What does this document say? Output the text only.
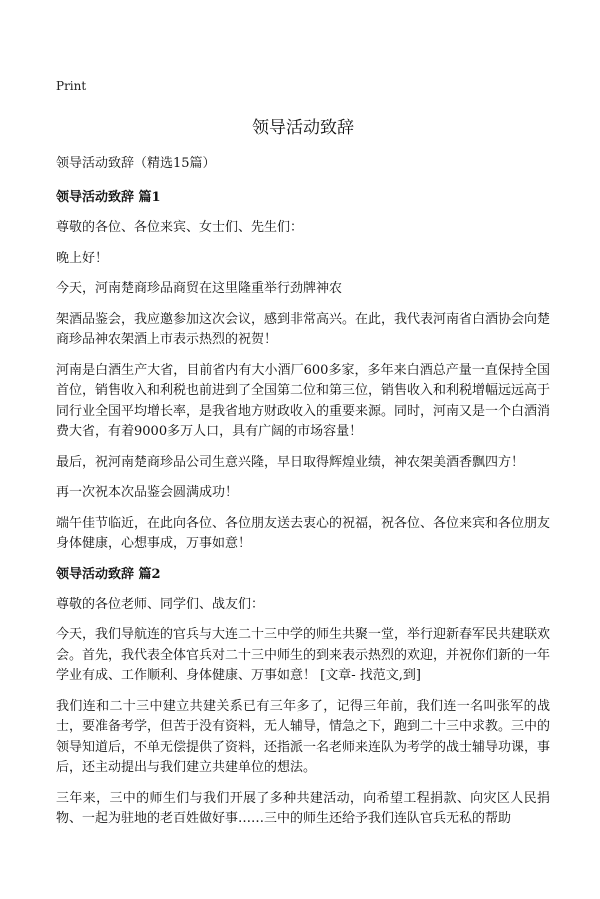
Print
领导活动致辞

领导活动致辞（精选15篇）

领导活动致辞 篇1

尊敬的各位、各位来宾、女士们、先生们：

晚上好！

今天，河南楚商珍品商贸在这里隆重举行劲牌神农

架酒品鉴会，我应邀参加这次会议，感到非常高兴。在此，我代表河南省白酒协会向楚商珍品神农架酒上市表示热烈的祝贺！

河南是白酒生产大省，目前省内有大小酒厂600多家，多年来白酒总产量一直保持全国首位，销售收入和利税也前进到了全国第二位和第三位，销售收入和利税增幅远远高于同行业全国平均增长率，是我省地方财政收入的重要来源。同时，河南又是一个白酒消费大省，有着9000多万人口，具有广阔的市场容量！

最后，祝河南楚商珍品公司生意兴隆，早日取得辉煌业绩，神农架美酒香飘四方！

再一次祝本次品鉴会圆满成功！

端午佳节临近，在此向各位、各位朋友送去衷心的祝福，祝各位、各位来宾和各位朋友身体健康，心想事成，万事如意！

领导活动致辞 篇2

尊敬的各位老师、同学们、战友们：

今天，我们导航连的官兵与大连二十三中学的师生共聚一堂，举行迎新春军民共建联欢会。首先，我代表全体官兵对二十三中师生的到来表示热烈的欢迎，并祝你们新的一年学业有成、工作顺利、身体健康、万事如意！ [文章- 找范文,到]

我们连和二十三中建立共建关系已有三年多了，记得三年前，我们连一名叫张军的战士，要准备考学，但苦于没有资料，无人辅导，情急之下，跑到二十三中求教。三中的领导知道后，不单无偿提供了资料，还指派一名老师来连队为考学的战士辅导功课，事后，还主动提出与我们建立共建单位的想法。

三年来，三中的师生们与我们开展了多种共建活动，向希望工程捐款、向灾区人民捐物、一起为驻地的老百姓做好事……三中的师生还给予我们连队官兵无私的帮助
